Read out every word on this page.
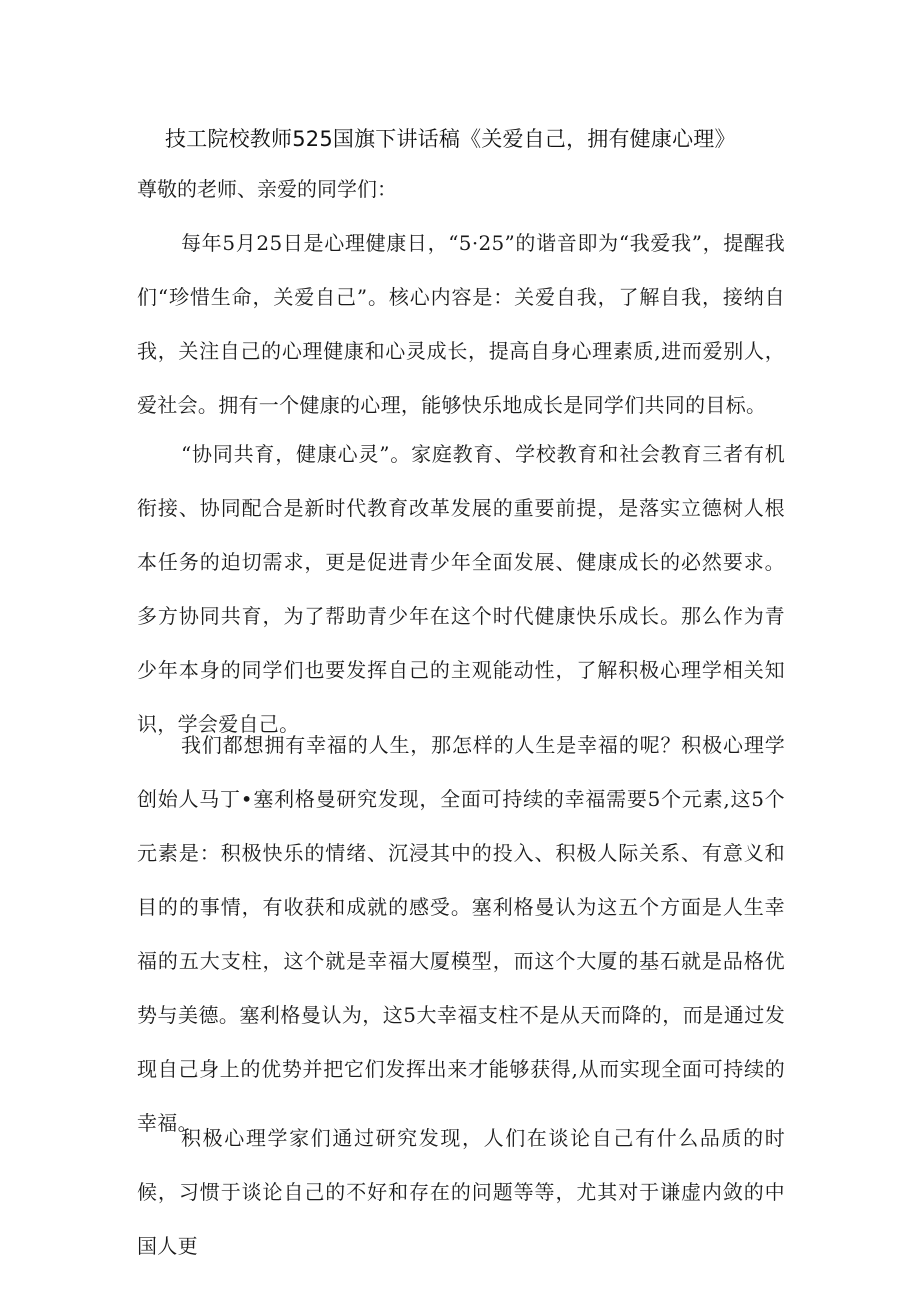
技工院校教师525国旗下讲话稿《关爱自己，拥有健康心理》
尊敬的老师、亲爱的同学们：

每年5月25日是心理健康日，“5·25”的谐音即为“我爱我”，提醒我们“珍惜生命，关爱自己”。核心内容是：关爱自我，了解自我，接纳自我，关注自己的心理健康和心灵成长，提高自身心理素质,进而爱别人，爱社会。拥有一个健康的心理，能够快乐地成长是同学们共同的目标。

“协同共育，健康心灵”。家庭教育、学校教育和社会教育三者有机衔接、协同配合是新时代教育改革发展的重要前提，是落实立德树人根本任务的迫切需求，更是促进青少年全面发展、健康成长的必然要求。多方协同共育，为了帮助青少年在这个时代健康快乐成长。那么作为青少年本身的同学们也要发挥自己的主观能动性，了解积极心理学相关知识，学会爱自己。

我们都想拥有幸福的人生，那怎样的人生是幸福的呢？积极心理学创始人马丁•塞利格曼研究发现，全面可持续的幸福需要5个元素,这5个元素是：积极快乐的情绪、沉浸其中的投入、积极人际关系、有意义和目的的事情，有收获和成就的感受。塞利格曼认为这五个方面是人生幸福的五大支柱，这个就是幸福大厦模型，而这个大厦的基石就是品格优势与美德。塞利格曼认为，这5大幸福支柱不是从天而降的，而是通过发现自己身上的优势并把它们发挥出来才能够获得,从而实现全面可持续的幸福。

积极心理学家们通过研究发现，人们在谈论自己有什么品质的时候，习惯于谈论自己的不好和存在的问题等等，尤其对于谦虚内敛的中国人更
